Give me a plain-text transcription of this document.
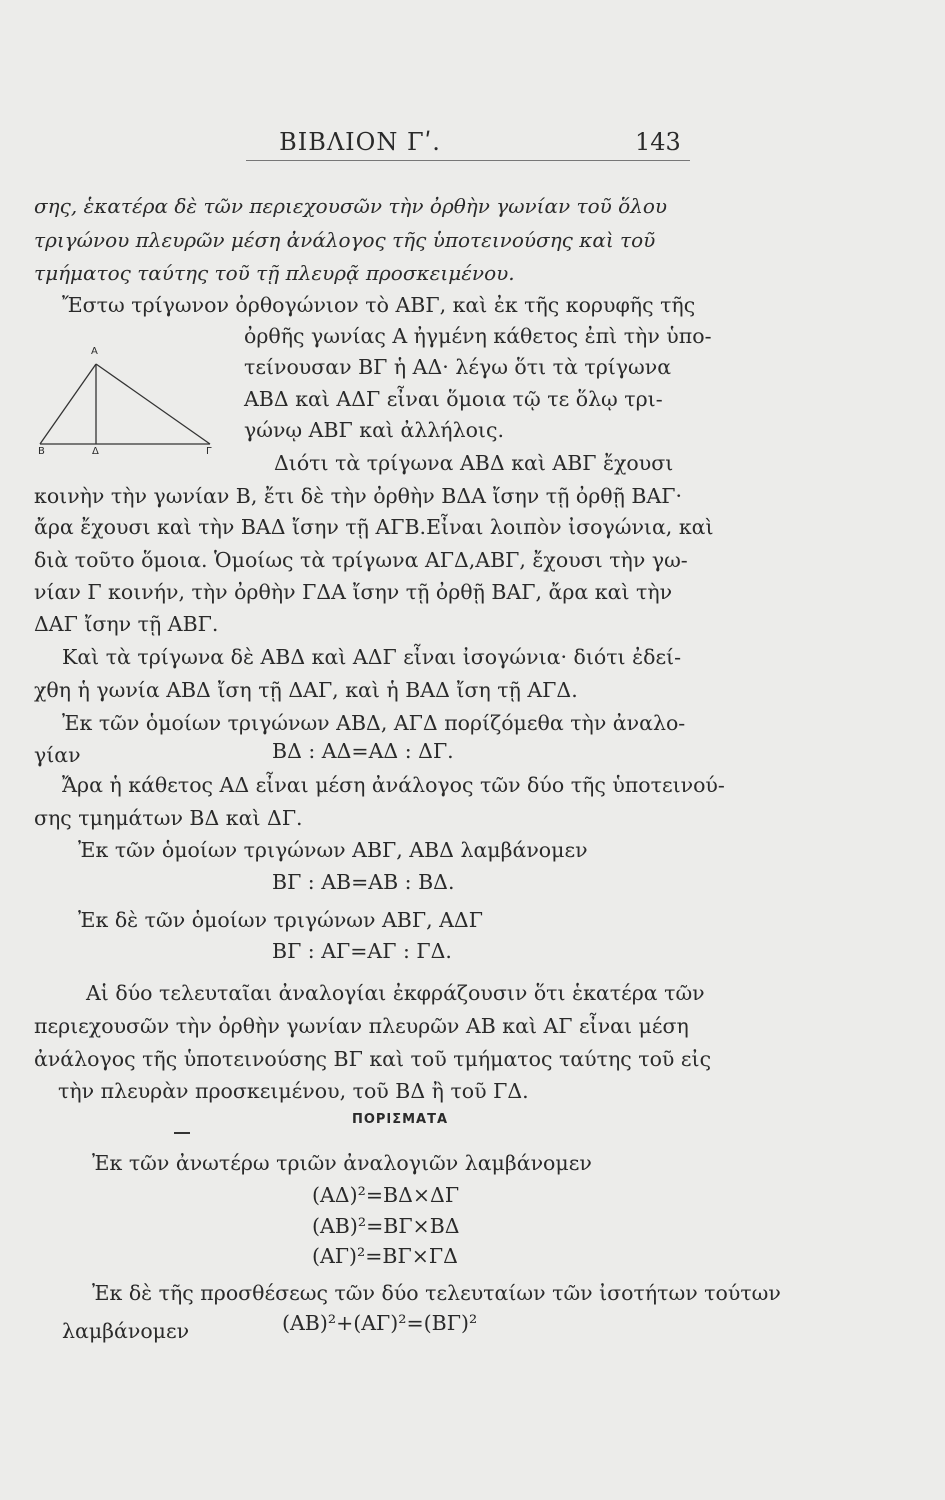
ΒΙΒΛΙΟΝ Γʹ.	143
σης, ἑκατέρα δὲ τῶν περιεχουσῶν τὴν ὀρθὴν γωνίαν τοῦ ὅλου
τριγώνου πλευρῶν μέση ἀνάλογος τῆς ὑποτεινούσης καὶ τοῦ
τμήματος ταύτης τοῦ τῇ πλευρᾷ προσκειμένου.
Ἔστω τρίγωνον ὀρθογώνιον τὸ ΑΒΓ, καὶ ἐκ τῆς κορυφῆς τῆς
ὀρθῆς γωνίας Α ἠγμένη κάθετος ἐπὶ τὴν ὑπο-
τείνουσαν ΒΓ ἡ ΑΔ· λέγω ὅτι τὰ τρίγωνα
ΑΒΔ καὶ ΑΔΓ εἶναι ὅμοια τῷ τε ὅλῳ τρι-
γώνῳ ΑΒΓ καὶ ἀλλήλοις.
A
B	Δ	Γ	Διότι τὰ τρίγωνα ΑΒΔ καὶ ΑΒΓ ἔχουσι
κοινὴν τὴν γωνίαν Β, ἔτι δὲ τὴν ὀρθὴν ΒΔΑ ἴσην τῇ ὀρθῇ ΒΑΓ·
ἄρα ἔχουσι καὶ τὴν ΒΑΔ ἴσην τῇ ΑΓΒ.Εἶναι λοιπὸν ἰσογώνια, καὶ
διὰ τοῦτο ὅμοια. Ὁμοίως τὰ τρίγωνα ΑΓΔ,ΑΒΓ, ἔχουσι τὴν γω-
νίαν Γ κοινήν, τὴν ὀρθὴν ΓΔΑ ἴσην τῇ ὀρθῇ ΒΑΓ, ἄρα καὶ τὴν
ΔΑΓ ἴσην τῇ ΑΒΓ.
Καὶ τὰ τρίγωνα δὲ ΑΒΔ καὶ ΑΔΓ εἶναι ἰσογώνια· διότι ἐδεί-
χθη ἡ γωνία ΑΒΔ ἴση τῇ ΔΑΓ, καὶ ἡ ΒΑΔ ἴση τῇ ΑΓΔ.
Ἐκ τῶν ὁμοίων τριγώνων ΑΒΔ, ΑΓΔ πορίζόμεθα τὴν ἀναλο-
γίαν	ΒΔ : ΑΔ=ΑΔ : ΔΓ.
Ἄρα ἡ κάθετος ΑΔ εἶναι μέση ἀνάλογος τῶν δύο τῆς ὑποτεινού-
σης τμημάτων ΒΔ καὶ ΔΓ.
Ἐκ τῶν ὁμοίων τριγώνων ΑΒΓ, ΑΒΔ λαμβάνομεν
ΒΓ : ΑΒ=ΑΒ : ΒΔ.
Ἐκ δὲ τῶν ὁμοίων τριγώνων ΑΒΓ, ΑΔΓ
ΒΓ : ΑΓ=ΑΓ : ΓΔ.
Αἱ δύο τελευταῖαι ἀναλογίαι ἐκφράζουσιν ὅτι ἑκατέρα τῶν
περιεχουσῶν τὴν ὀρθὴν γωνίαν πλευρῶν ΑΒ καὶ ΑΓ εἶναι μέση
ἀνάλογος τῆς ὑποτεινούσης ΒΓ καὶ τοῦ τμήματος ταύτης τοῦ εἰς
τὴν πλευρὰν προσκειμένου, τοῦ ΒΔ ἢ τοῦ ΓΔ.
ΠΟΡΙΣΜΑΤΑ
Ἐκ τῶν ἀνωτέρω τριῶν ἀναλογιῶν λαμβάνομεν
(ΑΔ)²=ΒΔ×ΔΓ
(ΑΒ)²=ΒΓ×ΒΔ
(ΑΓ)²=ΒΓ×ΓΔ
Ἐκ δὲ τῆς προσθέσεως τῶν δύο τελευταίων τῶν ἰσοτήτων τούτων
λαμβάνομεν	(ΑΒ)²+(ΑΓ)²=(ΒΓ)²
